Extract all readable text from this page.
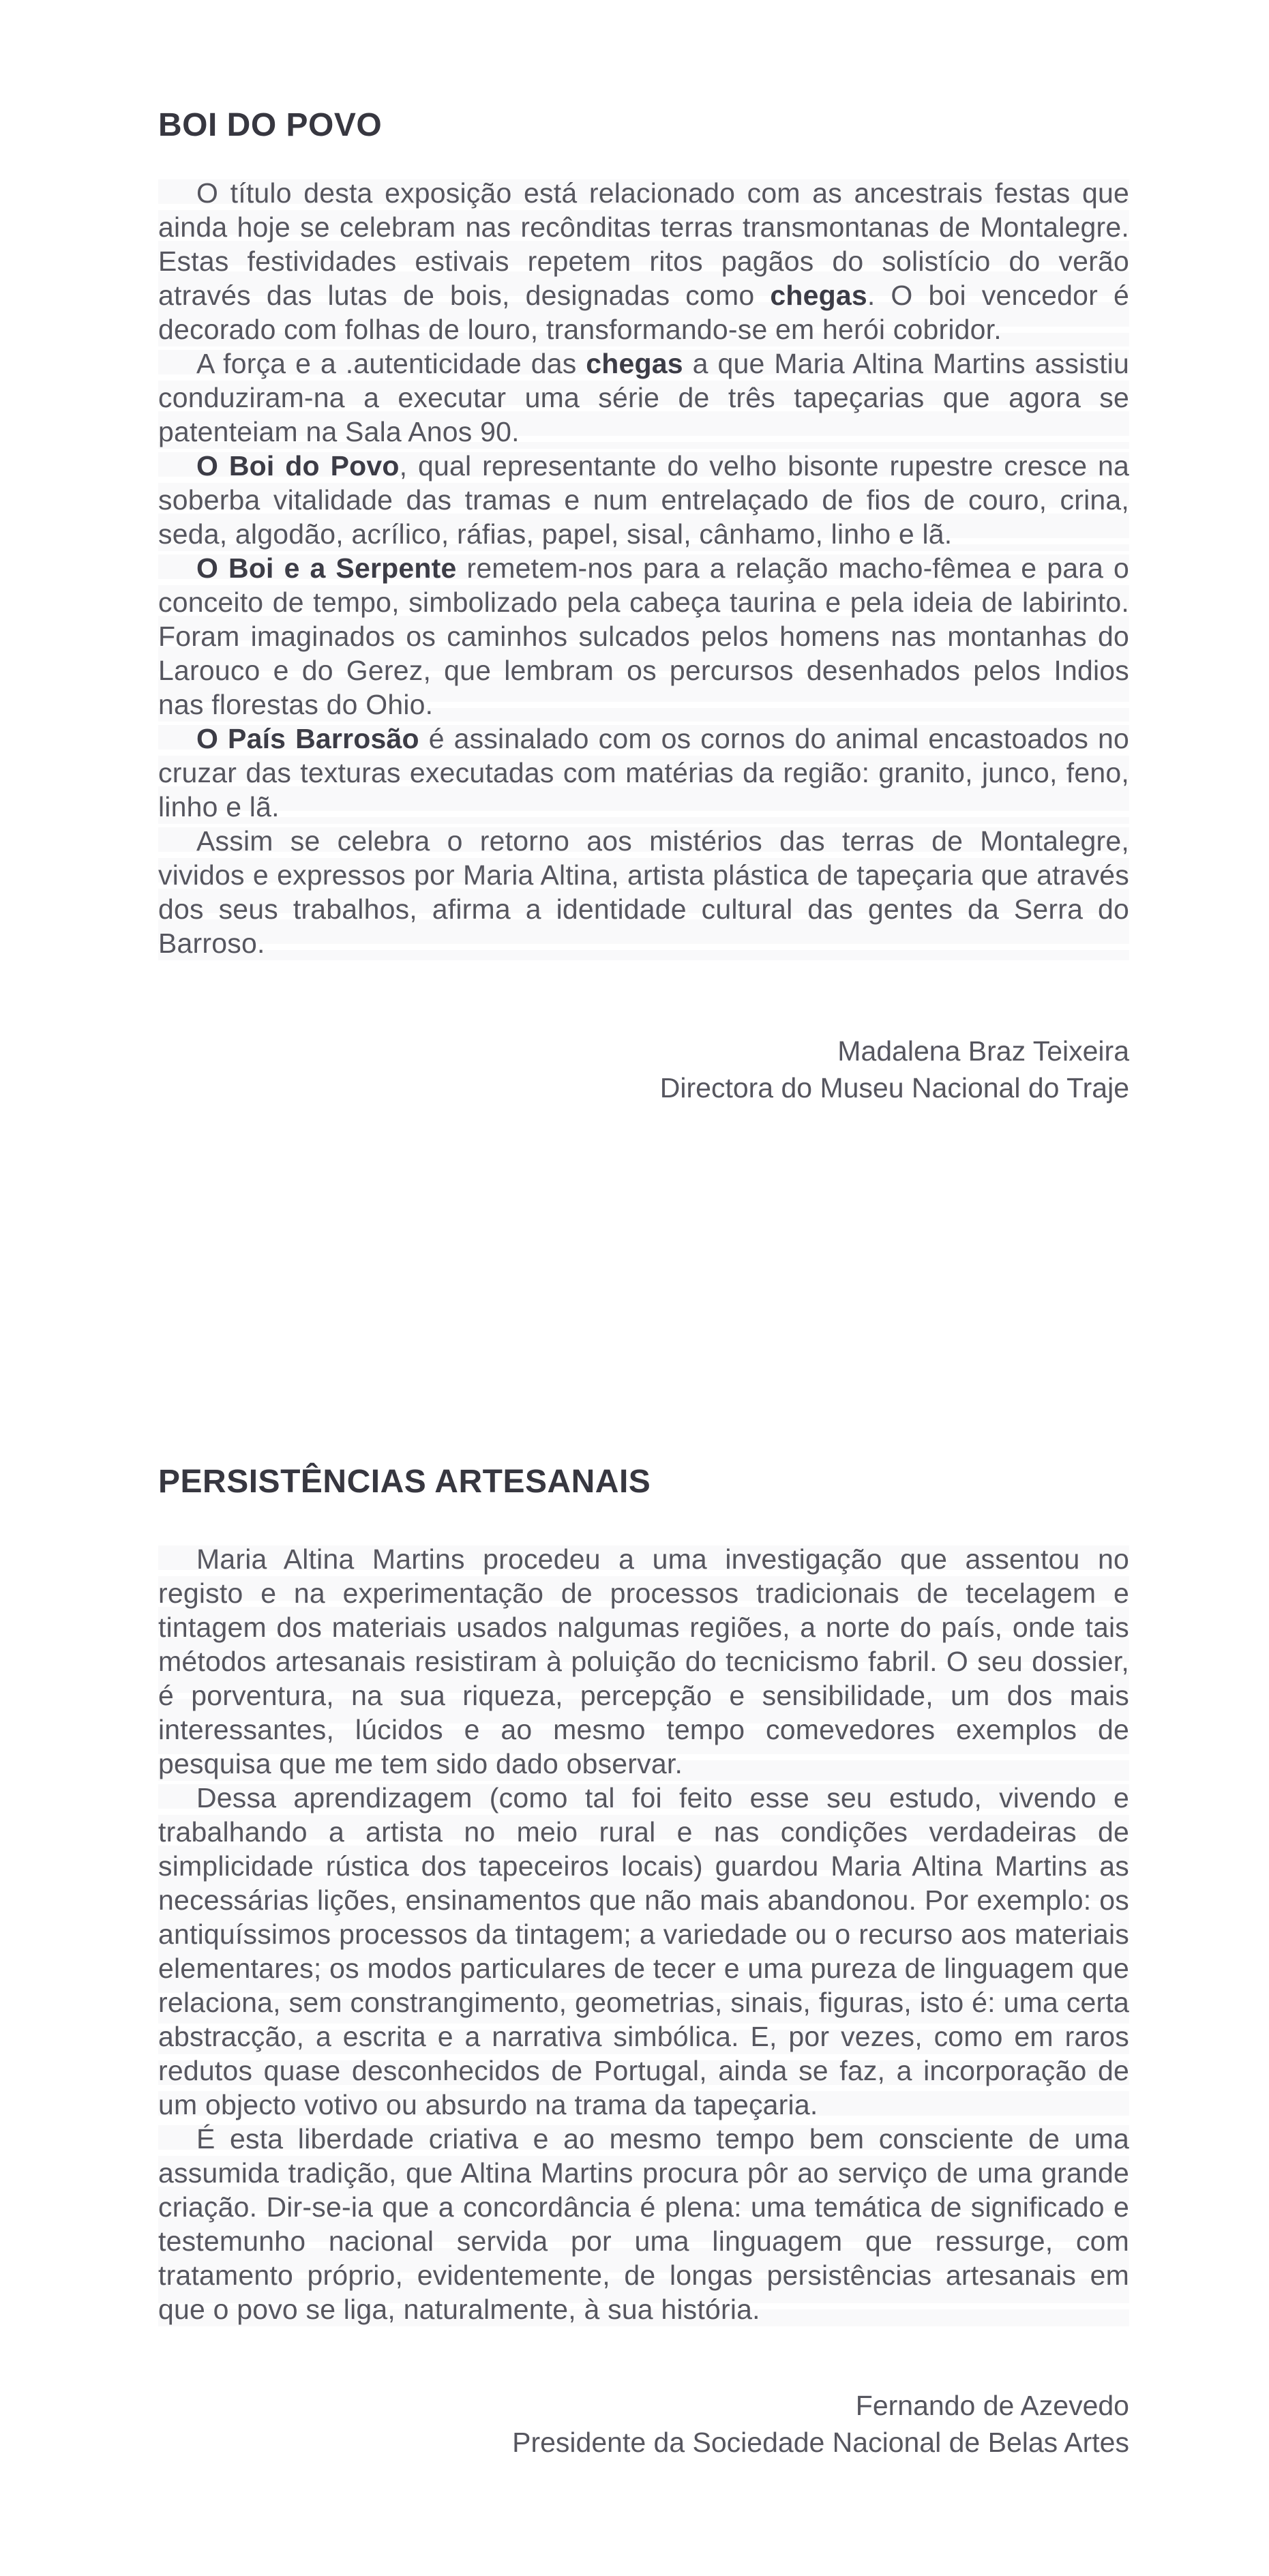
BOI DO POVO

O título desta exposição está relacionado com as ancestrais festas que ainda hoje se celebram nas recônditas terras transmontanas de Montalegre. Estas festividades estivais repetem ritos pagãos do solistício do verão através das lutas de bois, designadas como chegas. O boi vencedor é decorado com folhas de louro, transformando-se em herói cobridor.

A força e a .autenticidade das chegas a que Maria Altina Martins assistiu conduziram-na a executar uma série de três tapeçarias que agora se patenteiam na Sala Anos 90.

O Boi do Povo, qual representante do velho bisonte rupestre cresce na soberba vitalidade das tramas e num entrelaçado de fios de couro, crina, seda, algodão, acrílico, ráfias, papel, sisal, cânhamo, linho e lã.

O Boi e a Serpente remetem-nos para a relação macho-fêmea e para o conceito de tempo, simbolizado pela cabeça taurina e pela ideia de labirinto. Foram imaginados os caminhos sulcados pelos homens nas montanhas do Larouco e do Gerez, que lembram os percursos desenhados pelos Indios nas florestas do Ohio.

O País Barrosão é assinalado com os cornos do animal encastoados no cruzar das texturas executadas com matérias da região: granito, junco, feno, linho e lã.

Assim se celebra o retorno aos mistérios das terras de Montalegre, vividos e expressos por Maria Altina, artista plástica de tapeçaria que através dos seus trabalhos, afirma a identidade cultural das gentes da Serra do Barroso.

Madalena Braz Teixeira
Directora do Museu Nacional do Traje
PERSISTÊNCIAS ARTESANAIS

Maria Altina Martins procedeu a uma investigação que assentou no registo e na experimentação de processos tradicionais de tecelagem e tintagem dos materiais usados nalgumas regiões, a norte do país, onde tais métodos artesanais resistiram à poluição do tecnicismo fabril. O seu dossier, é porventura, na sua riqueza, percepção e sensibilidade, um dos mais interessantes, lúcidos e ao mesmo tempo comevedores exemplos de pesquisa que me tem sido dado observar.

Dessa aprendizagem (como tal foi feito esse seu estudo, vivendo e trabalhando a artista no meio rural e nas condições verdadeiras de simplicidade rústica dos tapeceiros locais) guardou Maria Altina Martins as necessárias lições, ensinamentos que não mais abandonou. Por exemplo: os antiquíssimos processos da tintagem; a variedade ou o recurso aos materiais elementares; os modos particulares de tecer e uma pureza de linguagem que relaciona, sem constrangimento, geometrias, sinais, figuras, isto é: uma certa abstracção, a escrita e a narrativa simbólica. E, por vezes, como em raros redutos quase desconhecidos de Portugal, ainda se faz, a incorporação de um objecto votivo ou absurdo na trama da tapeçaria.

É esta liberdade criativa e ao mesmo tempo bem consciente de uma assumida tradição, que Altina Martins procura pôr ao serviço de uma grande criação. Dir-se-ia que a concordância é plena: uma temática de significado e testemunho nacional servida por uma linguagem que ressurge, com tratamento próprio, evidentemente, de longas persistências artesanais em que o povo se liga, naturalmente, à sua história.

Fernando de Azevedo
Presidente da Sociedade Nacional de Belas Artes
